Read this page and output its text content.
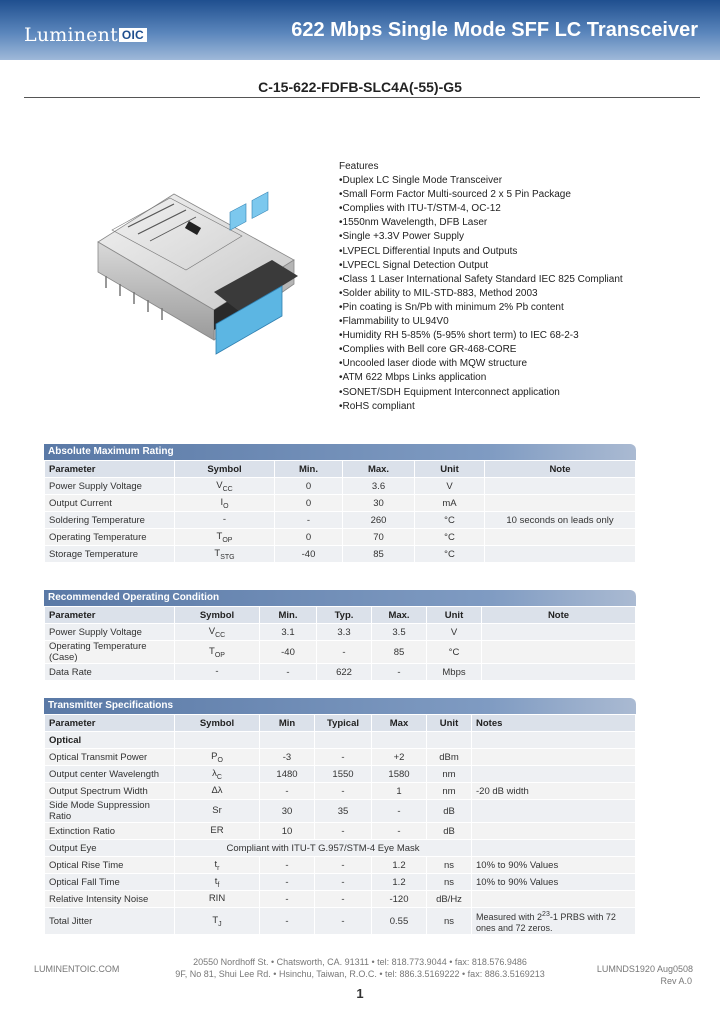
Luminent OIC	622 Mbps Single Mode SFF LC Transceiver
C-15-622-FDFB-SLC4A(-55)-G5
Features
• Duplex LC Single Mode Transceiver
• Small Form Factor Multi-sourced 2 x 5 Pin Package
• Complies with ITU-T/STM-4, OC-12
• 1550nm Wavelength, DFB Laser
• Single +3.3V Power Supply
• LVPECL Differential Inputs and Outputs
• LVPECL Signal Detection Output
• Class 1 Laser International Safety Standard IEC 825 Compliant
• Solder ability to MIL-STD-883, Method 2003
• Pin coating is Sn/Pb with minimum 2% Pb content
• Flammability to UL94V0
• Humidity RH 5-85% (5-95% short term) to IEC 68-2-3
• Complies with Bell core GR-468-CORE
• Uncooled laser diode with MQW structure
• ATM 622 Mbps Links application
• SONET/SDH Equipment Interconnect application
• RoHS compliant
Absolute Maximum Rating
Parameter	Symbol	Min.	Max.	Unit	Note
Power Supply Voltage	$V_{CC}$	0	3.6	V	
Output Current	$I_O$	0	30	mA	
Soldering Temperature	-	-	260	°C	10 seconds on leads only
Operating Temperature	$T_{OP}$	0	70	°C	
Storage Temperature	$T_{STG}$	-40	85	°C	
Recommended Operating Condition
Parameter	Symbol	Min.	Typ.	Max.	Unit	Note
Power Supply Voltage	$V_{CC}$	3.1	3.3	3.5	V	
Operating Temperature (Case)	$T_{OP}$	-40	-	85	°C	
Data Rate	-	-	622	-	Mbps	
Transmitter Specifications
Parameter	Symbol	Min	Typical	Max	Unit	Notes
Optical						
Optical Transmit Power	$P_O$	-3	-	+2	dBm	
Output center Wavelength	$\lambda_C$	1480	1550	1580	nm	
Output Spectrum Width	Δλ	-	-	1	nm	-20 dB width
Side Mode Suppression Ratio	Sr	30	35	-	dB	
Extinction Ratio	ER	10	-	-	dB	
Output Eye	Compliant with ITU-T G.957/STM-4 Eye Mask					
Optical Rise Time	$t_r$	-	-	1.2	ns	10% to 90% Values
Optical Fall Time	$t_f$	-	-	1.2	ns	10% to 90% Values
Relative Intensity Noise	RIN	-	-	-120	dB/Hz	
Total Jitter	$T_J$	-	-	0.55	ns	Measured with $2^{23}-1$ PRBS with 72 ones and 72 zeros.
LUMINENTOIC.COM
20550 Nordhoff St. • Chatsworth, CA. 91311 • tel: 818.773.9044 • fax: 818.576.9486
9F, No 81, Shui Lee Rd. • Hsinchu, Taiwan, R.O.C. • tel: 886.3.5169222 • fax: 886.3.5169213	LUMNDS1920 Aug0508
Rev A.0
1
